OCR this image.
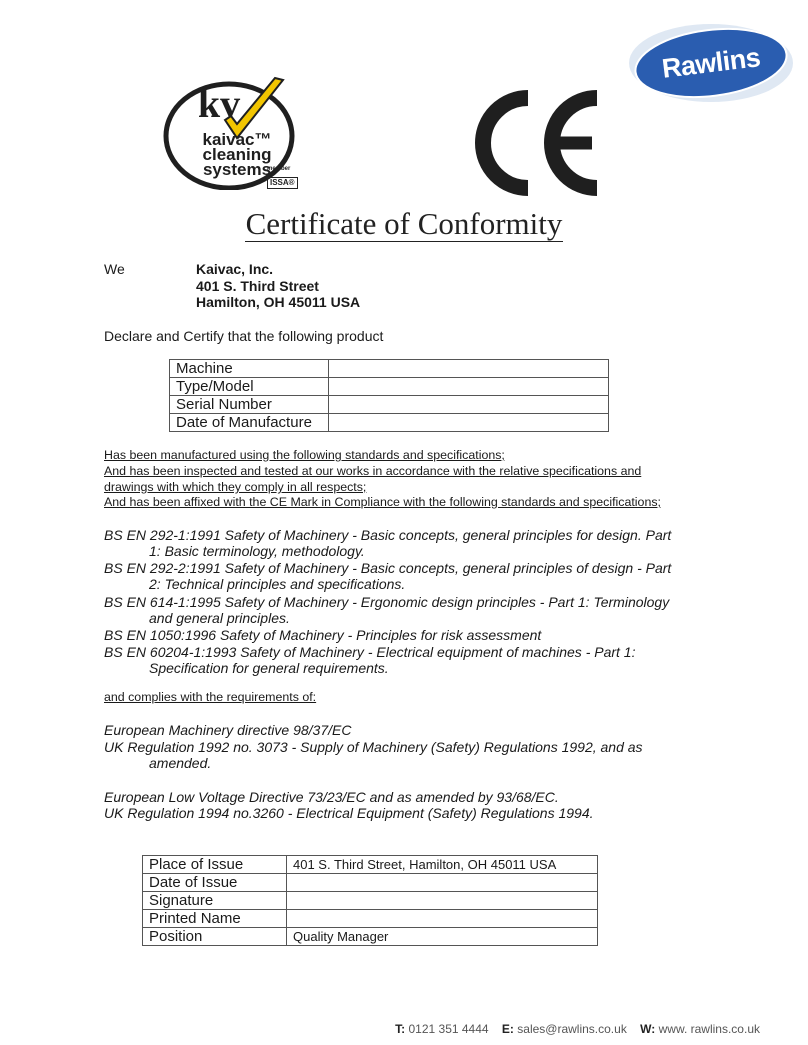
Rawlins
kv
kaivac™
cleaning
systems
member
ISSA®
Certificate of Conformity
We	Kaivac, Inc.
401 S. Third Street
Hamilton, OH 45011 USA
Declare and Certify that the following product
Machine	
Type/Model	
Serial Number	
Date of Manufacture	
Has been manufactured using the following standards and specifications;
And has been inspected and tested at our works in accordance with the relative specifications and
drawings with which they comply in all respects;
And has been affixed with the CE Mark in Compliance with the following standards and specifications;
BS EN 292-1:1991 Safety of Machinery - Basic concepts, general principles for design. Part
1: Basic terminology, methodology.
BS EN 292-2:1991 Safety of Machinery - Basic concepts, general principles of design - Part
2: Technical principles and specifications.
BS EN 614-1:1995 Safety of Machinery - Ergonomic design principles - Part 1: Terminology
and general principles.
BS EN 1050:1996 Safety of Machinery - Principles for risk assessment
BS EN 60204-1:1993 Safety of Machinery - Electrical equipment of machines - Part 1:
Specification for general requirements.
and complies with the requirements of:
European Machinery directive 98/37/EC
UK Regulation 1992 no. 3073 - Supply of Machinery (Safety) Regulations 1992, and as
amended.
European Low Voltage Directive 73/23/EC and as amended by 93/68/EC.
UK Regulation 1994 no.3260 - Electrical Equipment (Safety) Regulations 1994.
Place of Issue	401 S. Third Street, Hamilton, OH 45011 USA
Date of Issue	
Signature	
Printed Name	
Position	Quality Manager
T: 0121 351 4444 E: sales@rawlins.co.uk W: www. rawlins.co.uk
